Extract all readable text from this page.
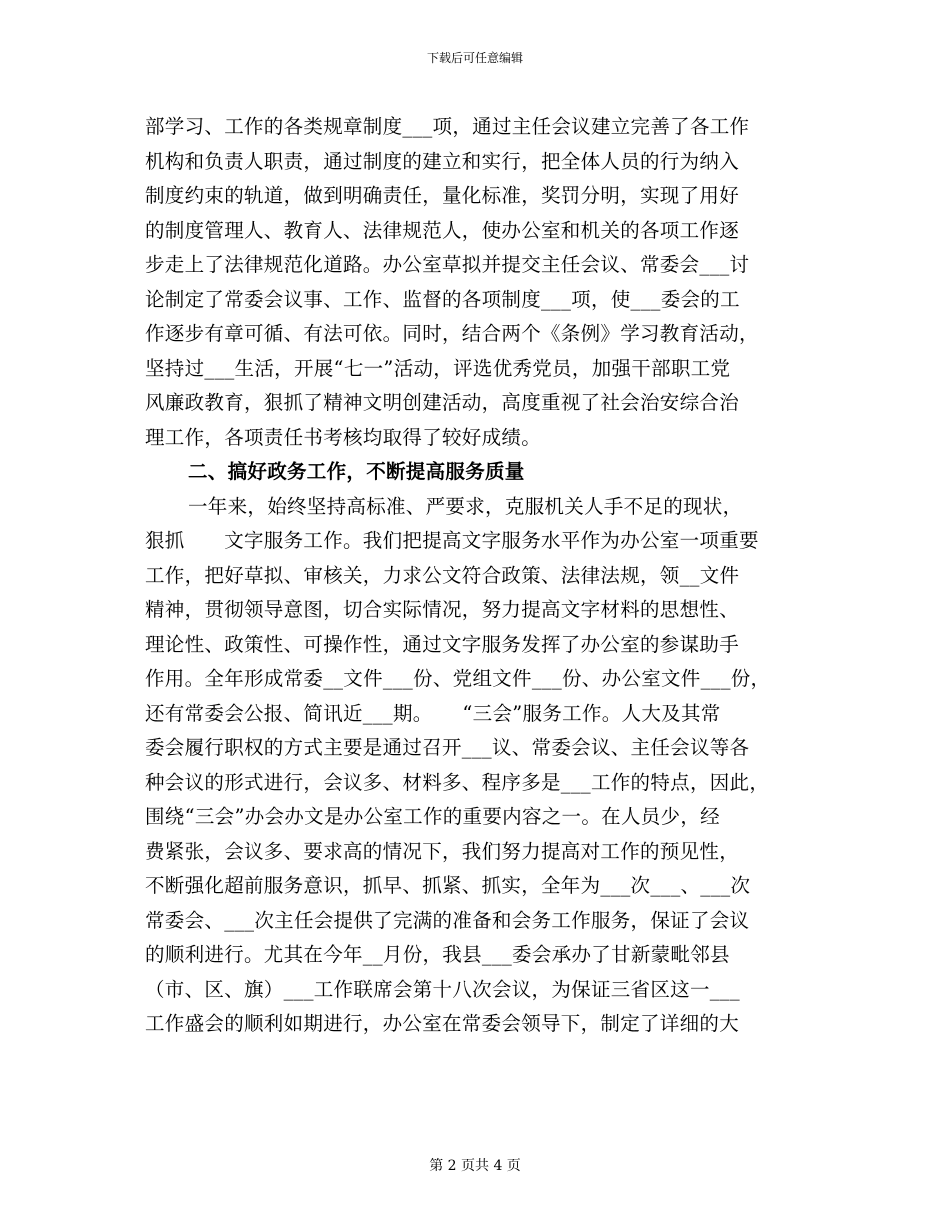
下载后可任意编辑
部学习、工作的各类规章制度___项，通过主任会议建立完善了各工作
机构和负责人职责，通过制度的建立和实行，把全体人员的行为纳入
制度约束的轨道，做到明确责任，量化标准，奖罚分明，实现了用好
的制度管理人、教育人、法律规范人，使办公室和机关的各项工作逐
步走上了法律规范化道路。办公室草拟并提交主任会议、常委会___讨
论制定了常委会议事、工作、监督的各项制度___项，使___委会的工
作逐步有章可循、有法可依。同时，结合两个《条例》学习教育活动，
坚持过___生活，开展“七一”活动，评选优秀党员，加强干部职工党
风廉政教育，狠抓了精神文明创建活动，高度重视了社会治安综合治
理工作，各项责任书考核均取得了较好成绩。
二、搞好政务工作，不断提高服务质量
一年来，始终坚持高标准、严要求，克服机关人手不足的现状，
狠抓　　文字服务工作。我们把提高文字服务水平作为办公室一项重要
工作，把好草拟、审核关，力求公文符合政策、法律法规，领__文件
精神，贯彻领导意图，切合实际情况，努力提高文字材料的思想性、
理论性、政策性、可操作性，通过文字服务发挥了办公室的参谋助手
作用。全年形成常委__文件___份、党组文件___份、办公室文件___份，
还有常委会公报、简讯近___期。　　“三会”服务工作。人大及其常
委会履行职权的方式主要是通过召开___议、常委会议、主任会议等各
种会议的形式进行，会议多、材料多、程序多是___工作的特点，因此，
围绕“三会”办会办文是办公室工作的重要内容之一。在人员少，经
费紧张，会议多、要求高的情况下，我们努力提高对工作的预见性，
不断强化超前服务意识，抓早、抓紧、抓实，全年为___次___、___次
常委会、___次主任会提供了完满的准备和会务工作服务，保证了会议
的顺利进行。尤其在今年__月份，我县___委会承办了甘新蒙毗邻县
（市、区、旗）___工作联席会第十八次会议，为保证三省区这一___
工作盛会的顺利如期进行，办公室在常委会领导下，制定了详细的大
第 2 页共 4 页
